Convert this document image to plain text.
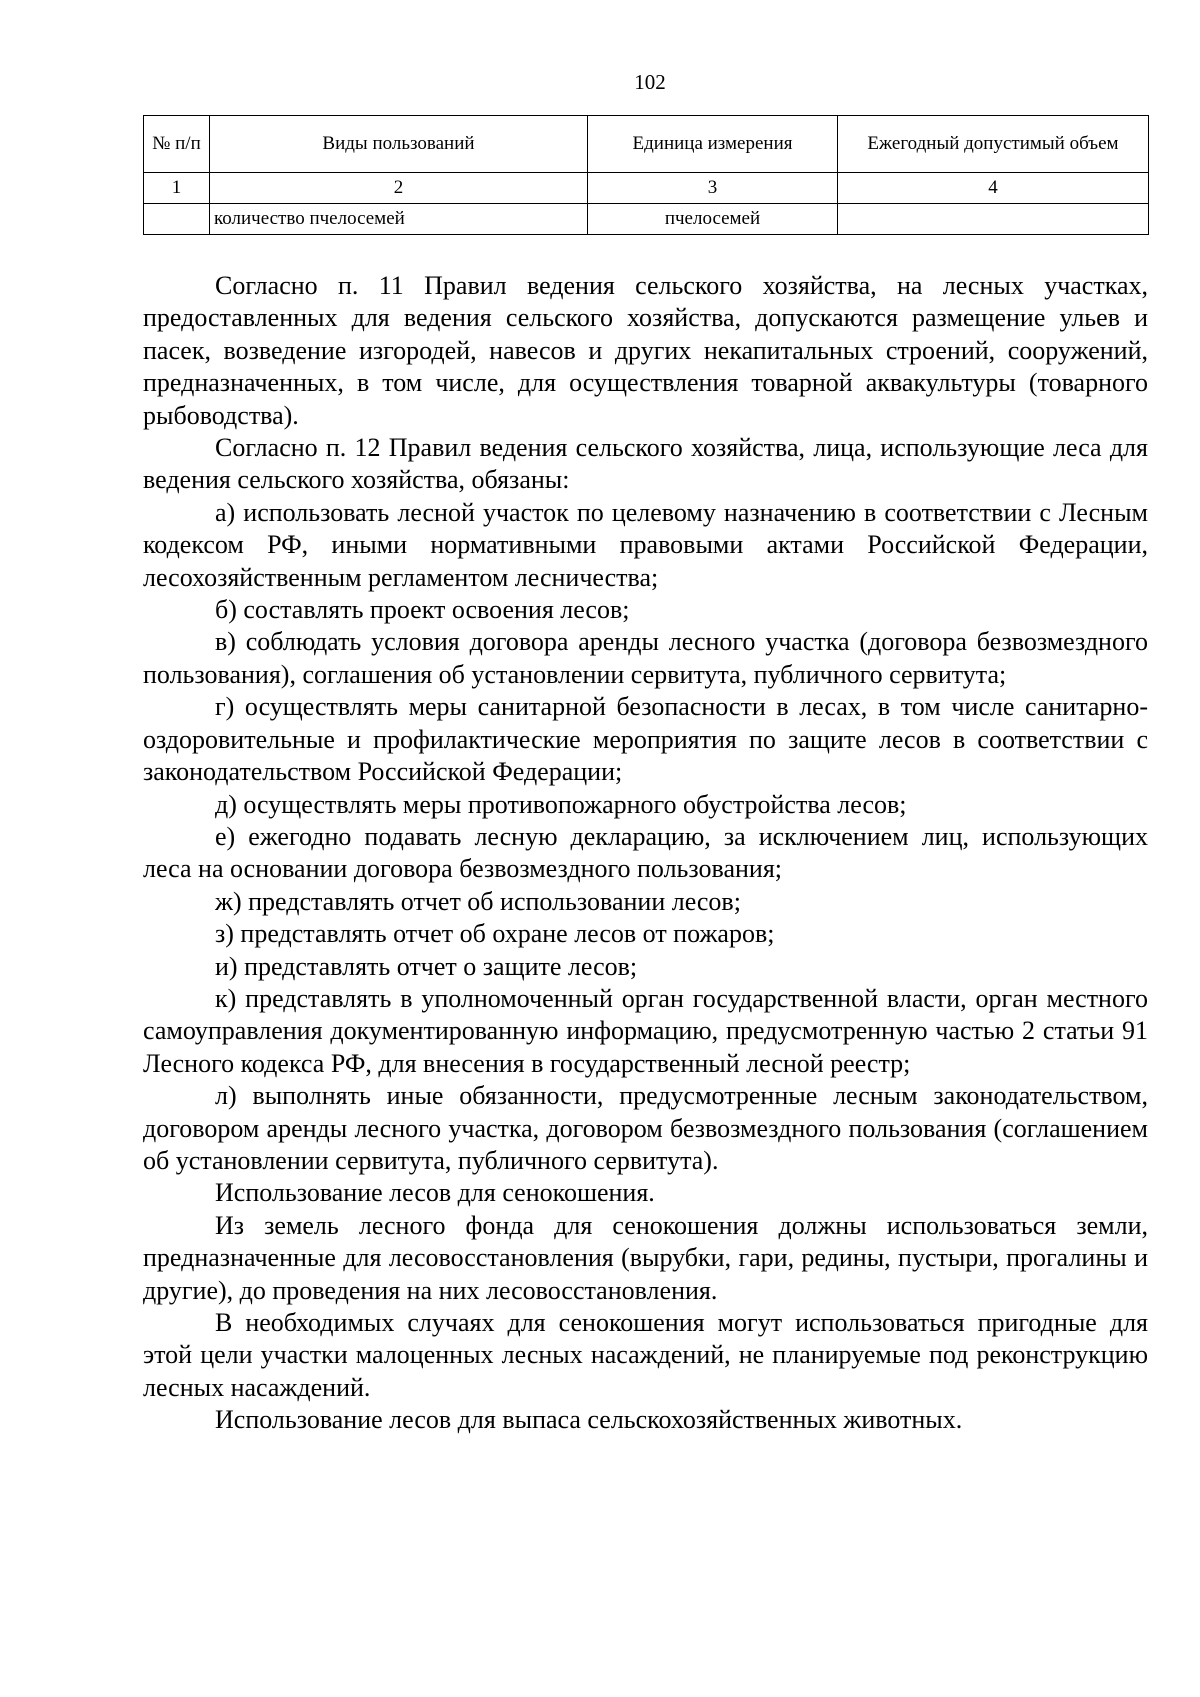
102
№ п/п	Виды пользований	Единица измерения	Ежегодный допустимый объем
1	2	3	4
	количество пчелосемей	пчелосемей	

Согласно п. 11 Правил ведения сельского хозяйства, на лесных участках, предоставленных для ведения сельского хозяйства, допускаются размещение ульев и пасек, возведение изгородей, навесов и других некапитальных строений, сооружений, предназначенных, в том числе, для осуществления товарной аквакультуры (товарного рыбоводства).

Согласно п. 12 Правил ведения сельского хозяйства, лица, использующие леса для ведения сельского хозяйства, обязаны:

а) использовать лесной участок по целевому назначению в соответствии с Лесным кодексом РФ, иными нормативными правовыми актами Российской Федерации, лесохозяйственным регламентом лесничества;

б) составлять проект освоения лесов;

в) соблюдать условия договора аренды лесного участка (договора безвозмездного пользования), соглашения об установлении сервитута, публичного сервитута;

г) осуществлять меры санитарной безопасности в лесах, в том числе санитарно-оздоровительные и профилактические мероприятия по защите лесов в соответствии с законодательством Российской Федерации;

д) осуществлять меры противопожарного обустройства лесов;

е) ежегодно подавать лесную декларацию, за исключением лиц, использующих леса на основании договора безвозмездного пользования;

ж) представлять отчет об использовании лесов;

з) представлять отчет об охране лесов от пожаров;

и) представлять отчет о защите лесов;

к) представлять в уполномоченный орган государственной власти, орган местного самоуправления документированную информацию, предусмотренную частью 2 статьи 91 Лесного кодекса РФ, для внесения в государственный лесной реестр;

л) выполнять иные обязанности, предусмотренные лесным законодательством, договором аренды лесного участка, договором безвозмездного пользования (соглашением об установлении сервитута, публичного сервитута).

Использование лесов для сенокошения.

Из земель лесного фонда для сенокошения должны использоваться земли, предназначенные для лесовосстановления (вырубки, гари, редины, пустыри, прогалины и другие), до проведения на них лесовосстановления.

В необходимых случаях для сенокошения могут использоваться пригодные для этой цели участки малоценных лесных насаждений, не планируемые под реконструкцию лесных насаждений.

Использование лесов для выпаса сельскохозяйственных животных.
